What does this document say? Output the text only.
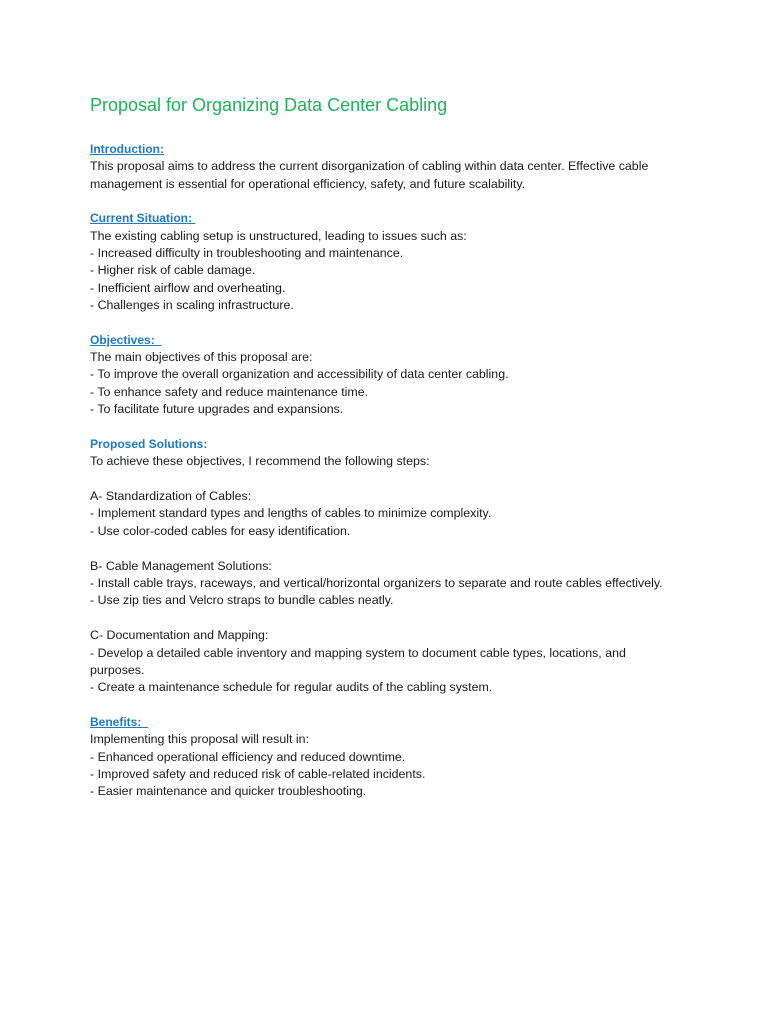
Proposal for Organizing Data Center Cabling
Introduction:
This proposal aims to address the current disorganization of cabling within data center. Effective cable
management is essential for operational efficiency, safety, and future scalability.
Current Situation:
The existing cabling setup is unstructured, leading to issues such as:
- Increased difficulty in troubleshooting and maintenance.
- Higher risk of cable damage.
- Inefficient airflow and overheating.
- Challenges in scaling infrastructure.
Objectives:
The main objectives of this proposal are:
- To improve the overall organization and accessibility of data center cabling.
- To enhance safety and reduce maintenance time.
- To facilitate future upgrades and expansions.
Proposed Solutions:
To achieve these objectives, I recommend the following steps:
A- Standardization of Cables:
- Implement standard types and lengths of cables to minimize complexity.
- Use color-coded cables for easy identification.
B- Cable Management Solutions:
- Install cable trays, raceways, and vertical/horizontal organizers to separate and route cables effectively.
- Use zip ties and Velcro straps to bundle cables neatly.
C- Documentation and Mapping:
- Develop a detailed cable inventory and mapping system to document cable types, locations, and
purposes.
- Create a maintenance schedule for regular audits of the cabling system.
Benefits:
Implementing this proposal will result in:
- Enhanced operational efficiency and reduced downtime.
- Improved safety and reduced risk of cable-related incidents.
- Easier maintenance and quicker troubleshooting.
